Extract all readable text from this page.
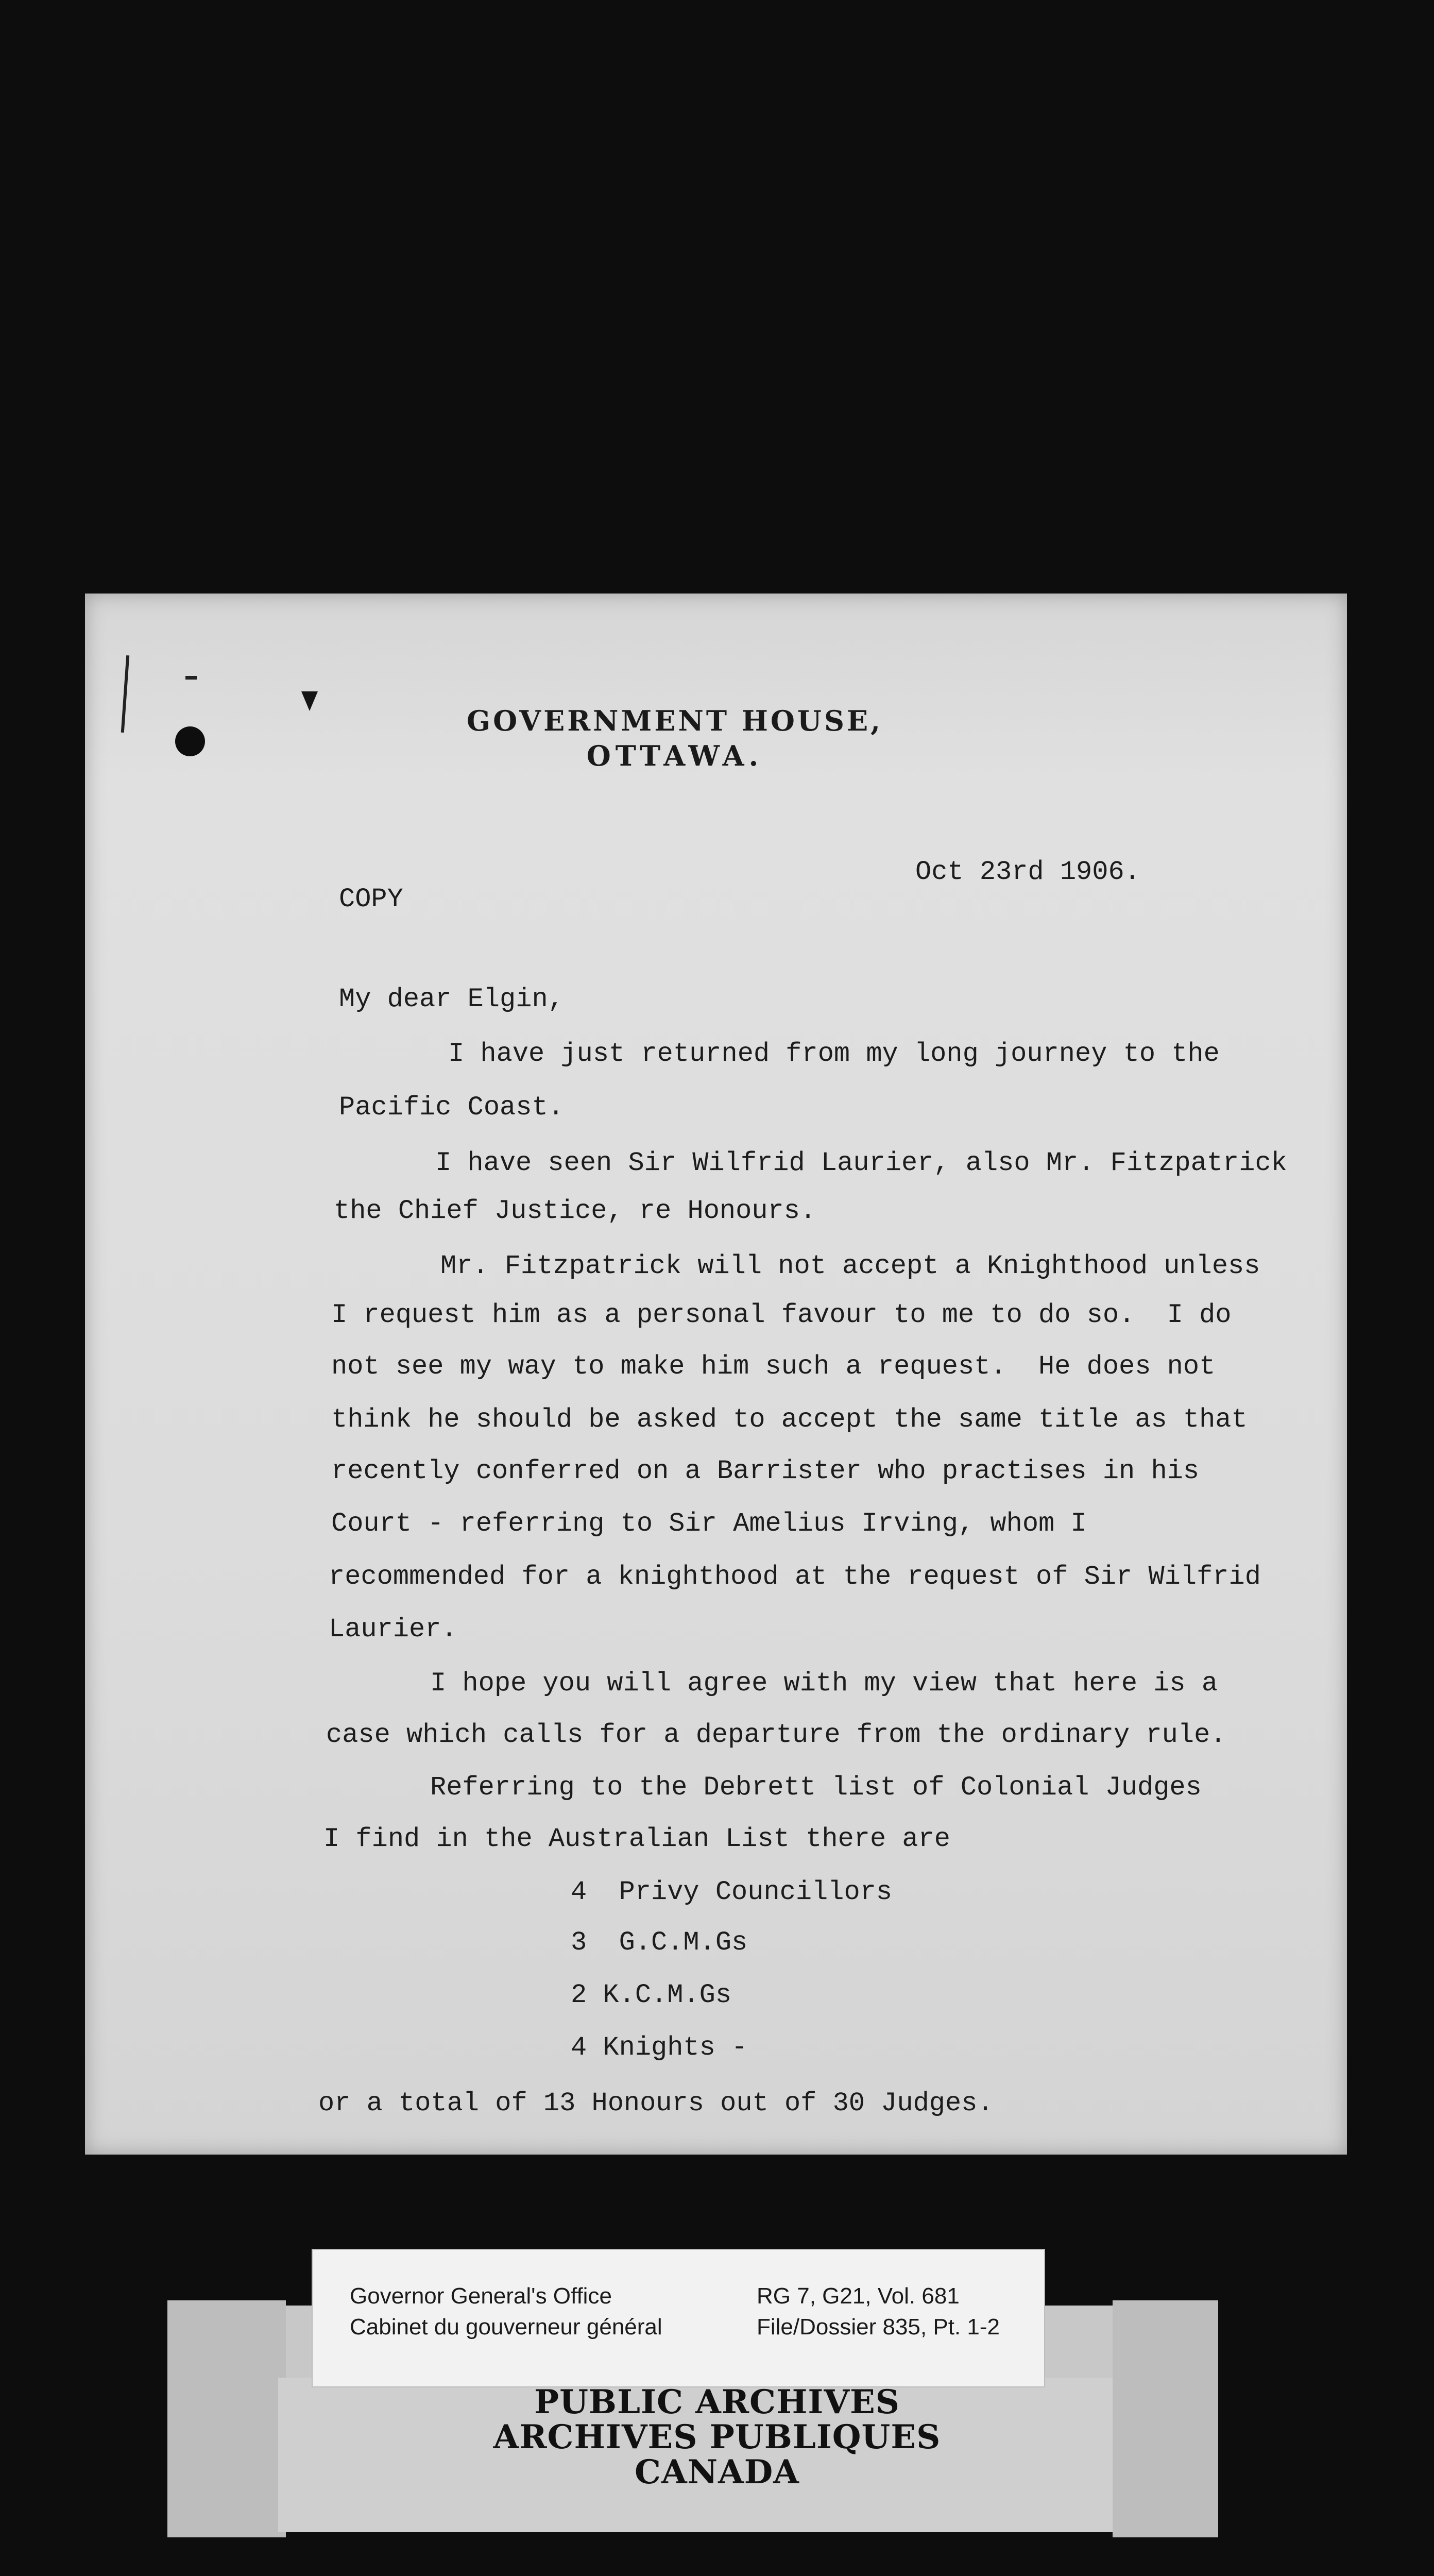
GOVERNMENT HOUSE,
OTTAWA.
Oct 23rd 1906.
COPY
My dear Elgin,
I have just returned from my long journey to the
Pacific Coast.
I have seen Sir Wilfrid Laurier, also Mr. Fitzpatrick
the Chief Justice, re Honours.
Mr. Fitzpatrick will not accept a Knighthood unless
I request him as a personal favour to me to do so.  I do
not see my way to make him such a request.  He does not
think he should be asked to accept the same title as that
recently conferred on a Barrister who practises in his
Court - referring to Sir Amelius Irving, whom I
recommended for a knighthood at the request of Sir Wilfrid
Laurier.
I hope you will agree with my view that here is a
case which calls for a departure from the ordinary rule.
Referring to the Debrett list of Colonial Judges
I find in the Australian List there are
4  Privy Councillors
3  G.C.M.Gs
2 K.C.M.Gs
4 Knights -
or a total of 13 Honours out of 30 Judges.
Governor General's Office
Cabinet du gouverneur général
RG 7, G21, Vol. 681
File/Dossier 835, Pt. 1-2
PUBLIC ARCHIVES
ARCHIVES PUBLIQUES
CANADA
